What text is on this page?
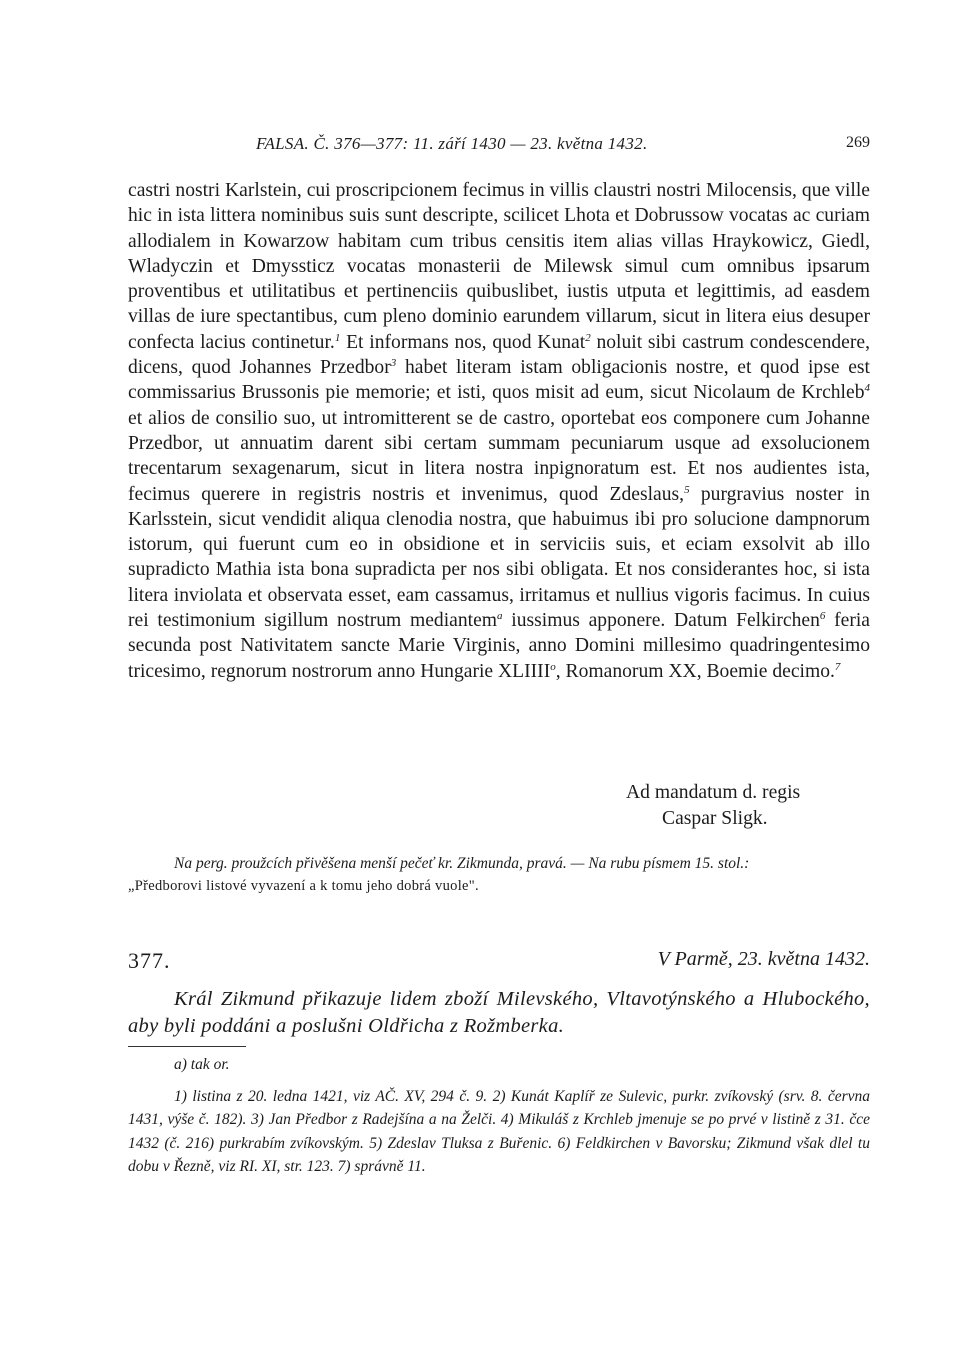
FALSA. Č. 376—377: 11. září 1430 — 23. května 1432.	269

castri nostri Karlstein, cui proscripcionem fecimus in villis claustri nostri Milocensis, que ville hic in ista littera nominibus suis sunt descripte, scilicet Lhota et Dobrussow vocatas ac curiam allodialem in Kowarzow habitam cum tribus censitis item alias villas Hraykowicz, Giedl, Wladyczin et Dmyssticz vocatas monasterii de Milewsk simul cum omnibus ipsarum proventibus et utilitatibus et pertinenciis quibuslibet, iustis utputa et legittimis, ad easdem villas de iure spectantibus, cum pleno dominio earundem villarum, sicut in litera eius desuper confecta lacius continetur.$^1$ Et informans nos, quod Kunat$^2$ noluit sibi castrum condescendere, dicens, quod Johannes Przedbor$^3$ habet literam istam obligacionis nostre, et quod ipse est commissarius Brussonis pie memorie; et isti, quos misit ad eum, sicut Nicolaum de Krchleb$^4$ et alios de consilio suo, ut intromitterent se de castro, oportebat eos componere cum Johanne Przedbor, ut annuatim darent sibi certam summam pecuniarum usque ad exsolucionem trecentarum sexagenarum, sicut in litera nostra inpignoratum est. Et nos audientes ista, fecimus querere in registris nostris et invenimus, quod Zdeslaus,$^5$ purgravius noster in Karlsstein, sicut vendidit aliqua clenodia nostra, que habuimus ibi pro solucione dampnorum istorum, qui fuerunt cum eo in obsidione et in serviciis suis, et eciam exsolvit ab illo supradicto Mathia ista bona supradicta per nos sibi obligata. Et nos considerantes hoc, si ista litera inviolata et observata esset, eam cassamus, irritamus et nullius vigoris facimus. In cuius rei testimonium sigillum nostrum mediantem$^a$ iussimus apponere. Datum Felkirchen$^6$ feria secunda post Nativitatem sancte Marie Virginis, anno Domini millesimo quadringentesimo tricesimo, regnorum nostrorum anno Hungarie XLIIII$^o$, Romanorum XX, Boemie decimo.$^7$

Ad mandatum d. regis
Caspar Sligk.
Na perg. proužcích přivěšena menší pečeť kr. Zikmunda, pravá. — Na rubu písmem 15. stol.:
„Předborovi listové vyvazení a k tomu jeho dobrá vuole".
377.	V Parmě, 23. května 1432.

Král Zikmund přikazuje lidem zboží Milevského, Vltavotýnského a Hlubockého, aby byli poddáni a poslušni Oldřicha z Rožmberka.

a) tak or.
1) listina z 20. ledna 1421, viz AČ. XV, 294 č. 9. 2) Kunát Kaplíř ze Sulevic, purkr. zvíkovský (srv. 8. června 1431, výše č. 182). 3) Jan Předbor z Radejšína a na Želči. 4) Mikuláš z Krchleb jmenuje se po prvé v listině z 31. čce 1432 (č. 216) purkrabím zvíkovským. 5) Zdeslav Tluksa z Buřenic. 6) Feldkirchen v Bavorsku; Zikmund však dlel tu dobu v Řezně, viz RI. XI, str. 123. 7) správně 11.
